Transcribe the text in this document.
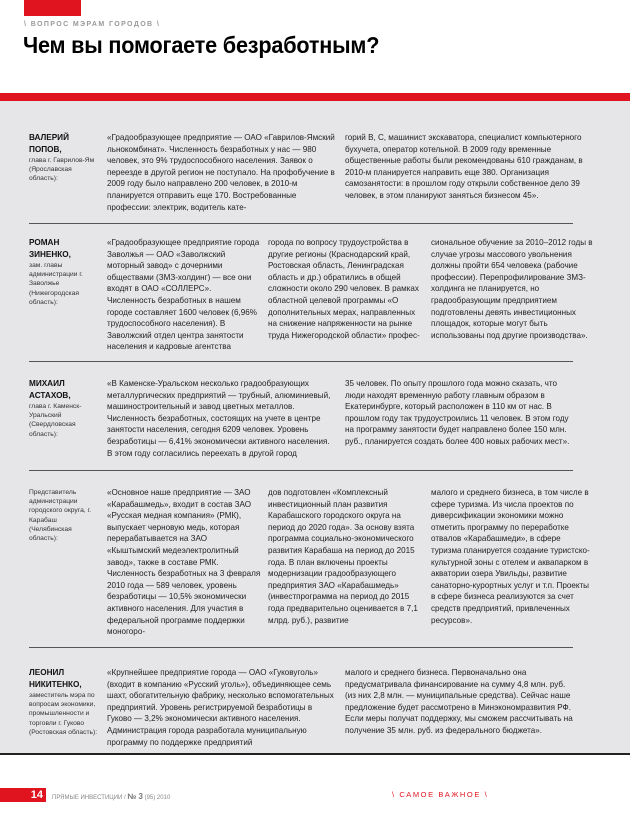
\ ВОПРОС МЭРАМ ГОРОДОВ \
Чем вы помогаете безработным?
ВАЛЕРИЙ
ПОПОВ,
глава г. Гаврилов-Ям (Ярославская область):
«Градообразующее предприятие — ОАО «Гаврилов-Ямский льнокомбинат». Численность безработных у нас — 980 человек, это 9% трудоспособного населения. Заявок о переезде в другой регион не поступало. На профобучение в 2009 году было направлено 200 человек, в 2010-м планируется отправить еще 170. Востребованные профессии: электрик, водитель кате-
горий В, С, машинист экскаватора, специалист компьютерного бухучета, оператор котельной. В 2009 году временные общественные работы были рекомендованы 610 гражданам, в 2010-м планируется направить еще 380. Организация самозанятости: в прошлом году открыли собственное дело 39 человек, в этом планируют заняться бизнесом 45».
РОМАН
ЗИНЕНКО,
зам. главы администрации г. Заволжье (Нижегородская область):
«Градообразующее предприятие города Заволжья — ОАО «Заволжский моторный завод» с дочерними обществами (ЗМЗ-холдинг) — все они входят в ОАО «СОЛЛЕРС». Численность безработных в нашем городе составляет 1600 человек (6,96% трудоспособного населения). В Заволжский отдел центра занятости населения и кадровые агентства
города по вопросу трудоустройства в другие регионы (Краснодарский край, Ростовская область, Ленинградская область и др.) обратились в общей сложности около 290 человек. В рамках областной целевой программы «О дополнительных мерах, направленных на снижение напряженности на рынке труда Нижегородской области» профес-
сиональное обучение за 2010–2012 годы в случае угрозы массового увольнения должны пройти 654 человека (рабочие профессии). Перепрофилирование ЗМЗ-холдинга не планируется, но градообразующим предприятием подготовлены девять инвестиционных площадок, которые могут быть использованы под другие производства».
МИХАИЛ
АСТАХОВ,
глава г. Каменск-Уральский (Свердловская область):
«В Каменске-Уральском несколько градообразующих металлургических предприятий — трубный, алюминиевый, машиностроительный и завод цветных металлов. Численность безработных, состоящих на учете в центре занятости населения, сегодня 6209 человек. Уровень безработицы — 6,41% экономически активного населения. В этом году согласились переехать в другой город
35 человек. По опыту прошлого года можно сказать, что люди находят временную работу главным образом в Екатеринбурге, который расположен в 110 км от нас. В прошлом году так трудоустроились 11 человек. В этом году на программу занятости будет направлено более 150 млн. руб., планируется создать более 400 новых рабочих мест».
Представитель администрации городского округа, г. Карабаш (Челябинская область):
«Основное наше предприятие — ЗАО «Карабашмедь», входит в состав ЗАО «Русская медная компания» (РМК), выпускает черновую медь, которая перерабатывается на ЗАО «Кыштымский медеэлектролитный завод», также в составе РМК. Численность безработных на 3 февраля 2010 года — 589 человек, уровень безработицы — 10,5% экономически активного населения. Для участия в федеральной программе поддержки моногоро-
дов подготовлен «Комплексный инвестиционный план развития Карабашского городского округа на период до 2020 года». За основу взята программа социально-экономического развития Карабаша на период до 2015 года. В план включены проекты модернизации градообразующего предприятия ЗАО «Карабашмедь» (инвестпрограмма на период до 2015 года предварительно оценивается в 7,1 млрд. руб.), развитие
малого и среднего бизнеса, в том числе в сфере туризма. Из числа проектов по диверсификации экономики можно отметить программу по переработке отвалов «Карабашмеди», в сфере туризма планируется создание туристско-культурной зоны с отелем и аквапарком в акватории озера Увильды, развитие санаторно-курортных услуг и т.п. Проекты в сфере бизнеса реализуются за счет средств предприятий, привлеченных ресурсов».
ЛЕОНИЛ
НИКИТЕНКО,
заместитель мэра по вопросам экономики, промышленности и торговли г. Гуково (Ростовская область):
«Крупнейшее предприятие города — ОАО «Гуковуголь» (входит в компанию «Русский уголь»), объединяющее семь шахт, обогатительную фабрику, несколько вспомогательных предприятий. Уровень регистрируемой безработицы в Гуково — 3,2% экономически активного населения. Администрация города разработала муниципальную программу по поддержке предприятий
малого и среднего бизнеса. Первоначально она предусматривала финансирование на сумму 4,8 млн. руб. (из них 2,8 млн. — муниципальные средства). Сейчас наше предложение будет рассмотрено в Минэкономразвития РФ. Если меры получат поддержку, мы сможем рассчитывать на получение 35 млн. руб. из федерального бюджета».
14	ПРЯМЫЕ ИНВЕСТИЦИИ / № 3 (95) 2010	\ САМОЕ ВАЖНОЕ \
